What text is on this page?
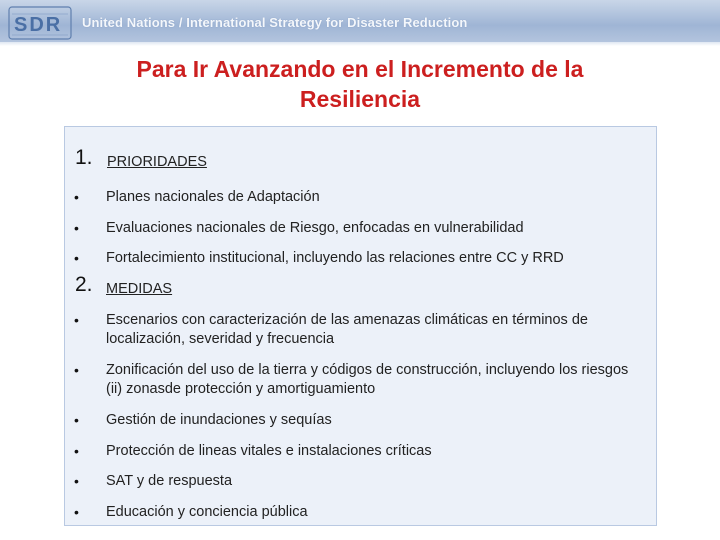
SDR United Nations / International Strategy for Disaster Reduction
Para Ir Avanzando en el Incremento de la
Resiliencia
1. PRIORIDADES
• Planes nacionales de Adaptación
• Evaluaciones nacionales de Riesgo, enfocadas en vulnerabilidad
• Fortalecimiento institucional, incluyendo las relaciones entre CC y RRD
2. MEDIDAS
• Escenarios con caracterización de las amenazas climáticas en términos de localización, severidad y frecuencia
• Zonificación del uso de la tierra y códigos de construcción, incluyendo los riesgos (ii) zonasde protección y amortiguamiento
• Gestión de inundaciones y sequías
• Protección de lineas vitales e instalaciones críticas
• SAT y de respuesta
• Educación y conciencia pública
